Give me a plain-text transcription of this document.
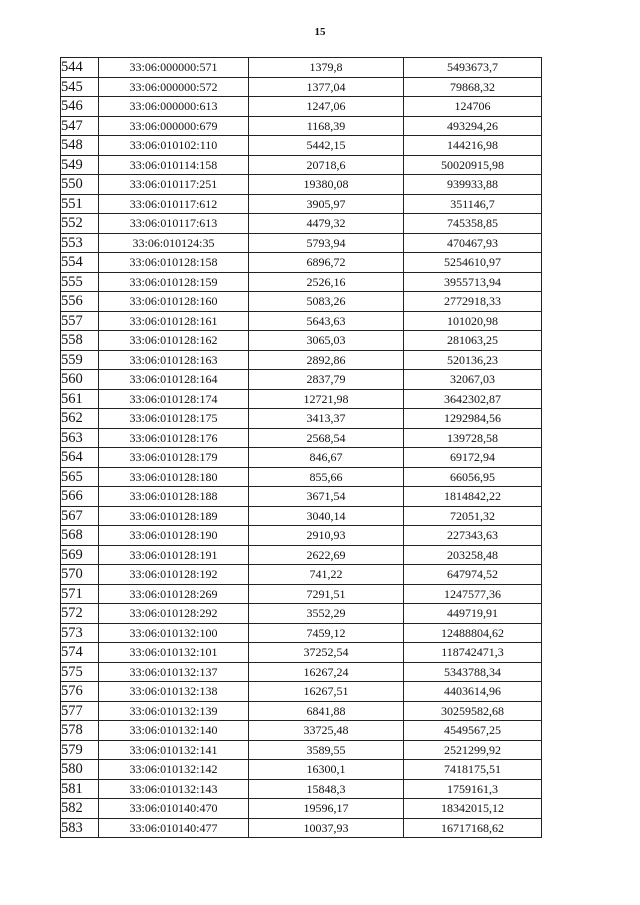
15
544	33:06:000000:571	1379,8	5493673,7
545	33:06:000000:572	1377,04	79868,32
546	33:06:000000:613	1247,06	124706
547	33:06:000000:679	1168,39	493294,26
548	33:06:010102:110	5442,15	144216,98
549	33:06:010114:158	20718,6	50020915,98
550	33:06:010117:251	19380,08	939933,88
551	33:06:010117:612	3905,97	351146,7
552	33:06:010117:613	4479,32	745358,85
553	33:06:010124:35	5793,94	470467,93
554	33:06:010128:158	6896,72	5254610,97
555	33:06:010128:159	2526,16	3955713,94
556	33:06:010128:160	5083,26	2772918,33
557	33:06:010128:161	5643,63	101020,98
558	33:06:010128:162	3065,03	281063,25
559	33:06:010128:163	2892,86	520136,23
560	33:06:010128:164	2837,79	32067,03
561	33:06:010128:174	12721,98	3642302,87
562	33:06:010128:175	3413,37	1292984,56
563	33:06:010128:176	2568,54	139728,58
564	33:06:010128:179	846,67	69172,94
565	33:06:010128:180	855,66	66056,95
566	33:06:010128:188	3671,54	1814842,22
567	33:06:010128:189	3040,14	72051,32
568	33:06:010128:190	2910,93	227343,63
569	33:06:010128:191	2622,69	203258,48
570	33:06:010128:192	741,22	647974,52
571	33:06:010128:269	7291,51	1247577,36
572	33:06:010128:292	3552,29	449719,91
573	33:06:010132:100	7459,12	12488804,62
574	33:06:010132:101	37252,54	118742471,3
575	33:06:010132:137	16267,24	5343788,34
576	33:06:010132:138	16267,51	4403614,96
577	33:06:010132:139	6841,88	30259582,68
578	33:06:010132:140	33725,48	4549567,25
579	33:06:010132:141	3589,55	2521299,92
580	33:06:010132:142	16300,1	7418175,51
581	33:06:010132:143	15848,3	1759161,3
582	33:06:010140:470	19596,17	18342015,12
583	33:06:010140:477	10037,93	16717168,62
